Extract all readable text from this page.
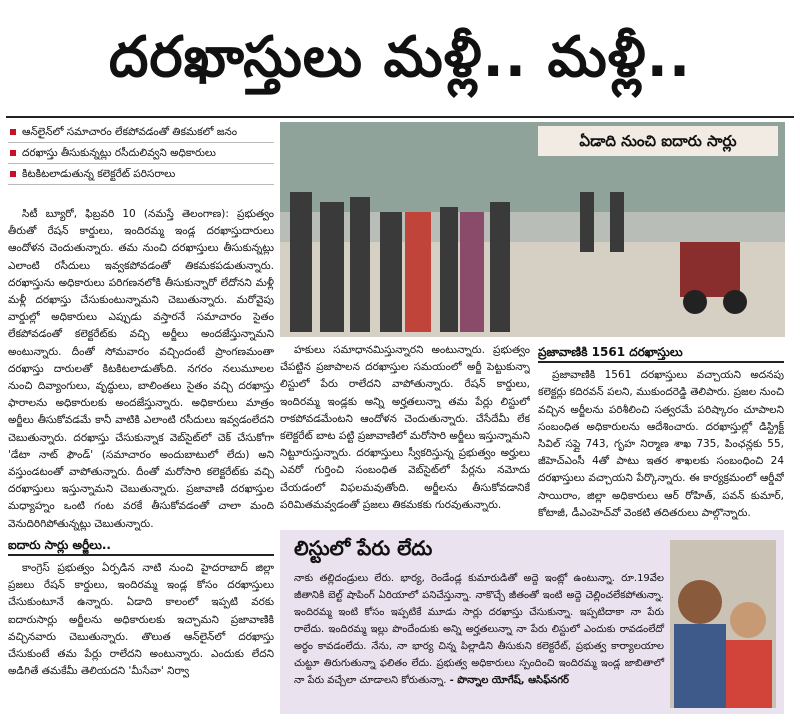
దరఖాస్తులు మళ్లీ.. మళ్లీ..
ఆన్‌లైన్‌లో సమాచారం లేకపోవడంతో తికమకలో జనం
దరఖాస్తు తీసుకున్నట్లు రసీదులివ్వని అధికారులు
కిటకిటలాడుతున్న కలెక్టరేట్ పరిసరాలు

సిటీ బ్యూరో, ఫిబ్రవరి 10 (నమస్తే తెలంగాణ): ప్రభుత్వం తీరుతో రేషన్ కార్డులు, ఇందిరమ్మ ఇండ్ల దరఖాస్తుదారులు ఆందోళన చెందుతున్నారు. తమ నుంచి దరఖాస్తులు తీసుకున్నట్లు ఎలాంటి రసీదులు ఇవ్వకపోవడంతో తికమకపడుతున్నారు. దరఖాస్తును అధికారులు పరిగణనలోకి తీసుకున్నారో లేదోనని మళ్లీ మళ్లీ దరఖాస్తు చేసుకుంటున్నామని చెబుతున్నారు. మరోవైపు వార్డుల్లో అధికారులు ఎప్పుడు వస్తారనే సమాచారం సైతం లేకపోవడంతో కలెక్టరేట్‌కు వచ్చి అర్జీలు అందజేస్తున్నామని అంటున్నారు. దీంతో సోమవారం వచ్చిందంటే ప్రాంగణమంతా దరఖాస్తు దారులతో కిటకిటలాడుతోంది. నగరం నలుమూలల నుంచి దివ్యాంగులు, వృద్ధులు, బాలింతలు సైతం వచ్చి దరఖాస్తు ఫారాలను అధికారులకు అందజేస్తున్నారు. అధికారులు మాత్రం అర్జీలు తీసుకోవడమే కానీ వాటికి ఎలాంటి రసీదులు ఇవ్వడంలేదని చెబుతున్నారు. దరఖాస్తు చేసుకున్నాక వెబ్‌సైట్‌లో చెక్ చేసుకోగా 'డేటా నాట్ ఫౌండ్' (సమాచారం అందుబాటులో లేదు) అని వస్తుండటంతో వాపోతున్నారు. దీంతో మరోసారి కలెక్టరేట్‌కు వచ్చి దరఖాస్తులు ఇస్తున్నామని చెబుతున్నారు. ప్రజావాణి దరఖాస్తుల మధ్యాహ్నం ఒంటి గంట వరకే తీసుకోవడంతో చాలా మంది వెనుదిరిగిపోతున్నట్లు చెబుతున్నారు.

ఐదారు సార్లు అర్జీలు..

కాంగ్రెస్ ప్రభుత్వం ఏర్పడిన నాటి నుంచి హైదరాబాద్ జిల్లా ప్రజలు రేషన్ కార్డులు, ఇందిరమ్మ ఇండ్ల కోసం దరఖాస్తులు చేసుకుంటూనే ఉన్నారు. ఏడాది కాలంలో ఇప్పటి వరకు ఐదారుసార్లు అర్జీలను అధికారులకు ఇచ్చామని ప్రజావాణికి వచ్చినవారు చెబుతున్నారు. తొలుత ఆన్‌లైన్‌లో దరఖాస్తు చేసుకుంటే తమ పేర్లు రాలేదని అంటున్నారు. ఎందుకు లేదని అడిగితే తమకేమీ తెలియదని 'మీసేవా' నిర్వా

ఏడాది నుంచి ఐదారు సార్లు

హకులు సమాధానమిస్తున్నారని అంటున్నారు. ప్రభుత్వం చేపట్టిన ప్రజాపాలన దరఖాస్తుల సమయంలో అర్జీ పెట్టుకున్నా లిస్టులో పేరు రాలేదని వాపోతున్నారు. రేషన్ కార్డులు, ఇందిరమ్మ ఇండ్లకు అన్ని అర్హతలున్నా తమ పేర్లు లిస్టులో రాకపోవడమేంటని ఆందోళన చెందుతున్నారు. చేసేదేమీ లేక కలెక్టరేట్ బాట పట్టి ప్రజావాణిలో మరోసారి అర్జీలు ఇస్తున్నామని నిట్టూరుస్తున్నారు. దరఖాస్తులు స్వీకరిస్తున్న ప్రభుత్వం అర్హులు ఎవరో గుర్తించి సంబంధిత వెబ్‌సైట్‌లో పేర్లను నమోదు చేయడంలో విఫలమవుతోంది. అర్జీలను తీసుకోవడానికే పరిమితమవ్వడంతో ప్రజలు తికమకకు గురవుతున్నారు.

ప్రజావాణికి 1561 దరఖాస్తులు

ప్రజావాణికి 1561 దరఖాస్తులు వచ్చాయని అదనపు కలెక్టర్లు కదిరవన్ పలని, ముకుందరెడ్డి తెలిపారు. ప్రజల నుంచి వచ్చిన అర్జీలను పరిశీలించి సత్వరమే పరిష్కారం చూపాలని సంబంధిత అధికారులను ఆదేశించారు. దరఖాస్తుల్లో డిస్ట్రిక్ట్ సివిల్ సప్లై 743, గృహ నిర్మాణ శాఖ 735, పింఛన్లకు 55, జీహెచ్‌ఎంసీ 4తో పాటు ఇతర శాఖలకు సంబంధించి 24 దరఖాస్తులు వచ్చాయని పేర్కొన్నారు. ఈ కార్యక్రమంలో ఆర్డీవో సాయిరాం, జిల్లా అధికారులు ఆర్ రోహిత్, పవన్ కుమార్, కోటాజీ, డీఎంహెచ్‌వో వెంకటి తదితరులు పాల్గొన్నారు.

లిస్టులో పేరు లేదు
నాకు తల్లిదండ్రులు లేరు. భార్య, రెండేండ్ల కుమారుడితో అద్దె ఇంట్లో ఉంటున్నా. రూ.19వేల జీతానికి బెల్ట్ షాపింగ్ ఏరియాలో పనిచేస్తున్నా. నాకొచ్చే జీతంతో ఇంటి అద్దె చెల్లించలేకపోతున్నా. ఇందిరమ్మ ఇంటి కోసం ఇప్పటికే మూడు సార్లు దరఖాస్తు చేసుకున్నా. ఇప్పటిదాకా నా పేరు రాలేదు. ఇందిరమ్మ ఇల్లు పొందేందుకు అన్ని అర్హతలున్నా నా పేరు లిస్టులో ఎందుకు రావడంలేదో అర్థం కావడంలేదు. నేను, నా భార్య చిన్న పిల్లాడిని తీసుకుని కలెక్టరేట్, ప్రభుత్వ కార్యాలయాల చుట్టూ తిరుగుతున్నా ఫలితం లేదు. ప్రభుత్వ అధికారులు స్పందించి ఇందిరమ్మ ఇండ్ల జాబితాలో నా పేరు వచ్చేలా చూడాలని కోరుతున్నా. - పొన్నాల యోగేష్, ఆసిఫ్‌నగర్
